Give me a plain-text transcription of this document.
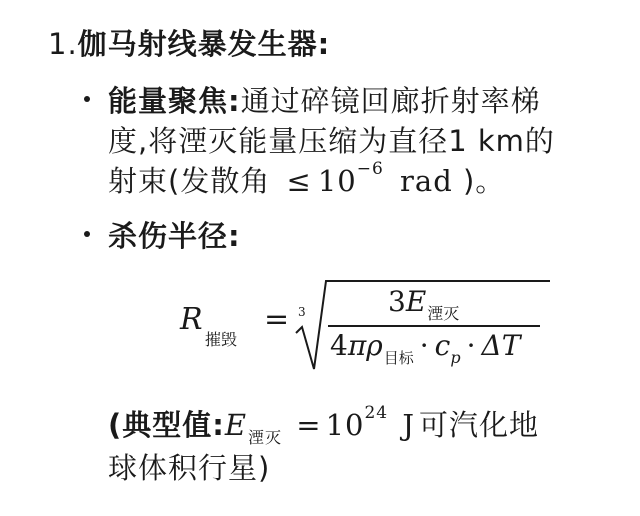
1.伽马射线暴发生器:
能量聚焦:通过碎镜回廊折射率梯
度,将湮灭能量压缩为直径1 km的
射束(发散角 ≤ $10^{-6}$ rad )。
杀伤半径:
R
摧毁
= 3	3E湮灭
4πρ目标 · cp · ΔT
(典型值$:E_{湮灭} = 10^{24}$ J 可汽化地
球体积行星)
